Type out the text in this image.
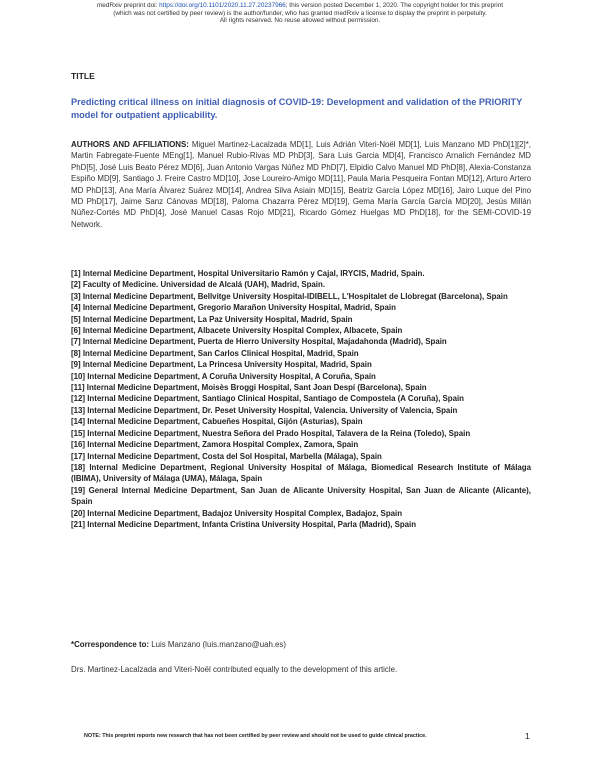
medRxiv preprint doi: https://doi.org/10.1101/2020.11.27.20237966; this version posted December 1, 2020. The copyright holder for this preprint
(which was not certified by peer review) is the author/funder, who has granted medRxiv a license to display the preprint in perpetuity.
All rights reserved. No reuse allowed without permission.
TITLE
Predicting critical illness on initial diagnosis of COVID-19: Development and validation of the PRIORITY model for outpatient applicability.
AUTHORS AND AFFILIATIONS: Miguel Martinez-Lacalzada MD[1], Luis Adrián Viteri-Noël MD[1], Luis Manzano MD PhD[1][2]*, Martin Fabregate-Fuente MEng[1], Manuel Rubio-Rivas MD PhD[3], Sara Luis Garcia MD[4], Francisco Arnalich Fernández MD PhD[5], José Luis Beato Pérez MD[6], Juan Antonio Vargas Núñez MD PhD[7], Elpidio Calvo Manuel MD PhD[8], Alexia-Constanza Espiño MD[9], Santiago J. Freire Castro MD[10], Jose Loureiro-Amigo MD[11], Paula Maria Pesqueira Fontan MD[12], Arturo Artero MD PhD[13], Ana María Álvarez Suárez MD[14], Andrea Silva Asiain MD[15], Beatriz García López MD[16], Jairo Luque del Pino MD PhD[17], Jaime Sanz Cánovas MD[18], Paloma Chazarra Pérez MD[19], Gema María García García MD[20], Jesús Millán Núñez-Cortés MD PhD[4], José Manuel Casas Rojo MD[21], Ricardo Gómez Huelgas MD PhD[18], for the SEMI-COVID-19 Network.
[1] Internal Medicine Department, Hospital Universitario Ramón y Cajal, IRYCIS, Madrid, Spain.
[2] Faculty of Medicine. Universidad de Alcalá (UAH), Madrid, Spain.
[3] Internal Medicine Department, Bellvitge University Hospital-IDIBELL, L'Hospitalet de Llobregat (Barcelona), Spain
[4] Internal Medicine Department, Gregorio Marañon University Hospital, Madrid, Spain
[5] Internal Medicine Department, La Paz University Hospital, Madrid, Spain
[6] Internal Medicine Department, Albacete University Hospital Complex, Albacete, Spain
[7] Internal Medicine Department, Puerta de Hierro University Hospital, Majadahonda (Madrid), Spain
[8] Internal Medicine Department, San Carlos Clinical Hospital, Madrid, Spain
[9] Internal Medicine Department, La Princesa University Hospital, Madrid, Spain
[10] Internal Medicine Department, A Coruña University Hospital, A Coruña, Spain
[11] Internal Medicine Department, Moisès Broggi Hospital, Sant Joan Despí (Barcelona), Spain
[12] Internal Medicine Department, Santiago Clinical Hospital, Santiago de Compostela (A Coruña), Spain
[13] Internal Medicine Department, Dr. Peset University Hospital, Valencia. University of Valencia, Spain
[14] Internal Medicine Department, Cabueñes Hospital, Gijón (Asturias), Spain
[15] Internal Medicine Department, Nuestra Señora del Prado Hospital, Talavera de la Reina (Toledo), Spain
[16] Internal Medicine Department, Zamora Hospital Complex, Zamora, Spain
[17] Internal Medicine Department, Costa del Sol Hospital, Marbella (Málaga), Spain
[18] Internal Medicine Department, Regional University Hospital of Málaga, Biomedical Research Institute of Málaga (IBIMA), University of Málaga (UMA), Málaga, Spain
[19] General Internal Medicine Department, San Juan de Alicante University Hospital, San Juan de Alicante (Alicante), Spain
[20] Internal Medicine Department, Badajoz University Hospital Complex, Badajoz, Spain
[21] Internal Medicine Department, Infanta Cristina University Hospital, Parla (Madrid), Spain
*Correspondence to: Luis Manzano (luis.manzano@uah.es)
Drs. Martinez-Lacalzada and Viteri-Noël contributed equally to the development of this article.
NOTE: This preprint reports new research that has not been certified by peer review and should not be used to guide clinical practice.	1
